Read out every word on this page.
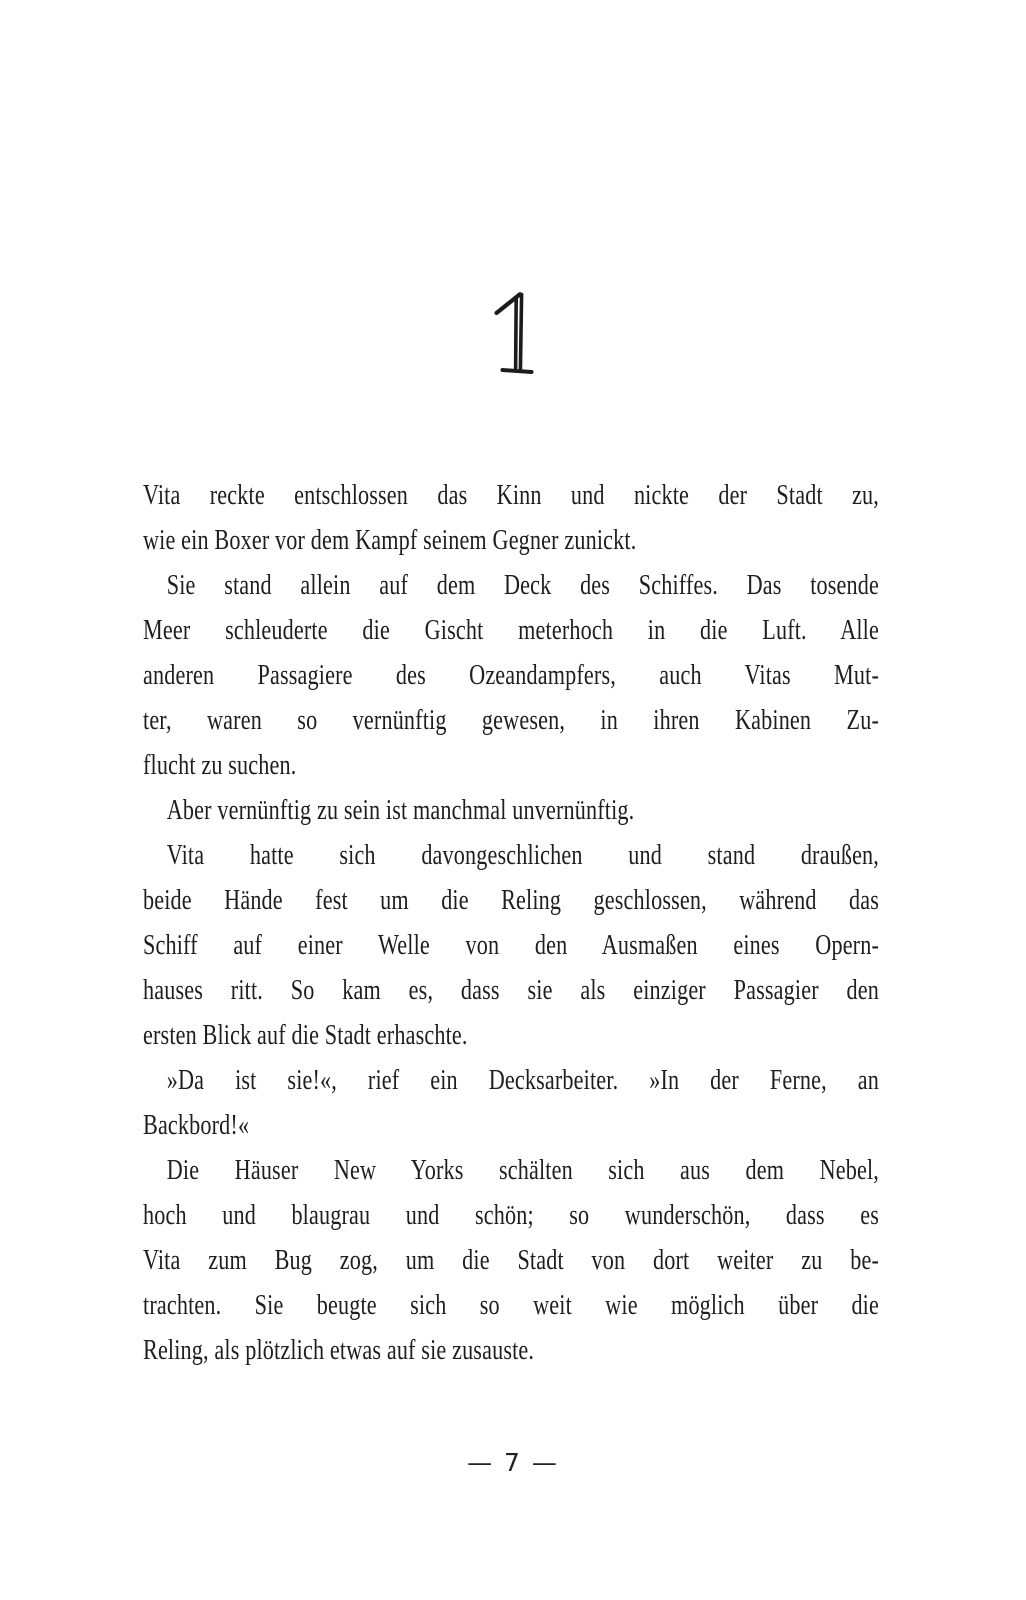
Vita reckte entschlossen das Kinn und nickte der Stadt zu,
wie ein Boxer vor dem Kampf seinem Gegner zunickt.
Sie stand allein auf dem Deck des Schiffes. Das tosende
Meer schleuderte die Gischt meterhoch in die Luft. Alle
anderen Passagiere des Ozeandampfers, auch Vitas Mut-
ter, waren so vernünftig gewesen, in ihren Kabinen Zu-
flucht zu suchen.
Aber vernünftig zu sein ist manchmal unvernünftig.
Vita hatte sich davongeschlichen und stand draußen,
beide Hände fest um die Reling geschlossen, während das
Schiff auf einer Welle von den Ausmaßen eines Opern-
hauses ritt. So kam es, dass sie als einziger Passagier den
ersten Blick auf die Stadt erhaschte.
»Da ist sie!«, rief ein Decksarbeiter. »In der Ferne, an
Backbord!«
Die Häuser New Yorks schälten sich aus dem Nebel,
hoch und blaugrau und schön; so wunderschön, dass es
Vita zum Bug zog, um die Stadt von dort weiter zu be-
trachten. Sie beugte sich so weit wie möglich über die
Reling, als plötzlich etwas auf sie zusauste.
— 7 —
